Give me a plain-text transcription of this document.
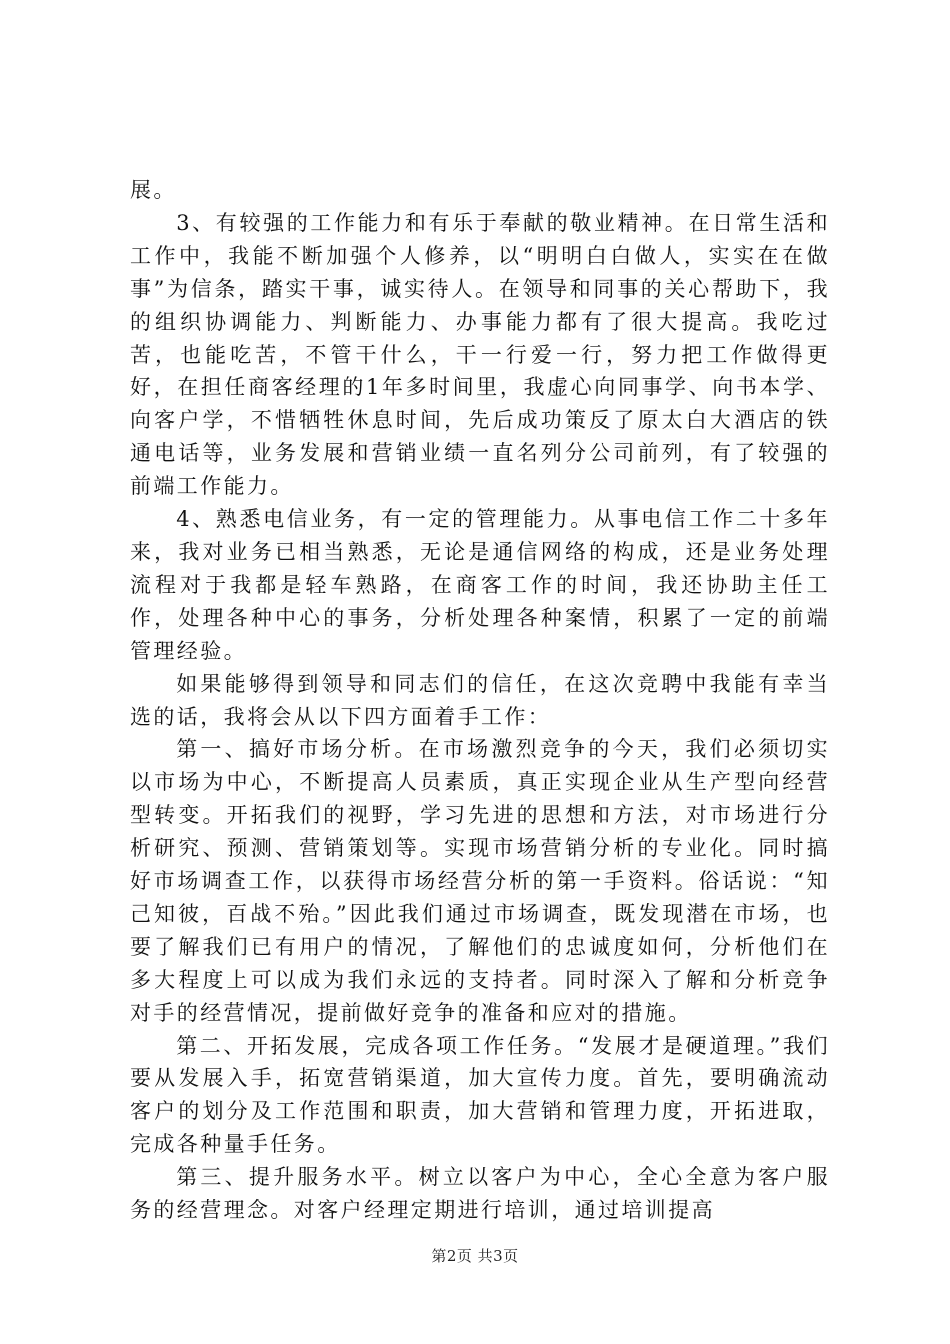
展。

3、有较强的工作能力和有乐于奉献的敬业精神。在日常生活和工作中，我能不断加强个人修养，以“明明白白做人，实实在在做事”为信条，踏实干事，诚实待人。在领导和同事的关心帮助下，我的组织协调能力、判断能力、办事能力都有了很大提高。我吃过苦，也能吃苦，不管干什么，干一行爱一行，努力把工作做得更好，在担任商客经理的1年多时间里，我虚心向同事学、向书本学、向客户学，不惜牺牲休息时间，先后成功策反了原太白大酒店的铁通电话等，业务发展和营销业绩一直名列分公司前列，有了较强的前端工作能力。

4、熟悉电信业务，有一定的管理能力。从事电信工作二十多年来，我对业务已相当熟悉，无论是通信网络的构成，还是业务处理流程对于我都是轻车熟路，在商客工作的时间，我还协助主任工作，处理各种中心的事务，分析处理各种案情，积累了一定的前端管理经验。

如果能够得到领导和同志们的信任，在这次竞聘中我能有幸当选的话，我将会从以下四方面着手工作：

第一、搞好市场分析。在市场激烈竞争的今天，我们必须切实以市场为中心，不断提高人员素质，真正实现企业从生产型向经营型转变。开拓我们的视野，学习先进的思想和方法，对市场进行分析研究、预测、营销策划等。实现市场营销分析的专业化。同时搞好市场调查工作，以获得市场经营分析的第一手资料。俗话说：“知己知彼，百战不殆。”因此我们通过市场调查，既发现潜在市场，也要了解我们已有用户的情况，了解他们的忠诚度如何，分析他们在多大程度上可以成为我们永远的支持者。同时深入了解和分析竞争对手的经营情况，提前做好竞争的准备和应对的措施。

第二、开拓发展，完成各项工作任务。“发展才是硬道理。”我们要从发展入手，拓宽营销渠道，加大宣传力度。首先，要明确流动客户的划分及工作范围和职责，加大营销和管理力度，开拓进取，完成各种量手任务。

第三、提升服务水平。树立以客户为中心，全心全意为客户服务的经营理念。对客户经理定期进行培训，通过培训提高

第2页 共3页
